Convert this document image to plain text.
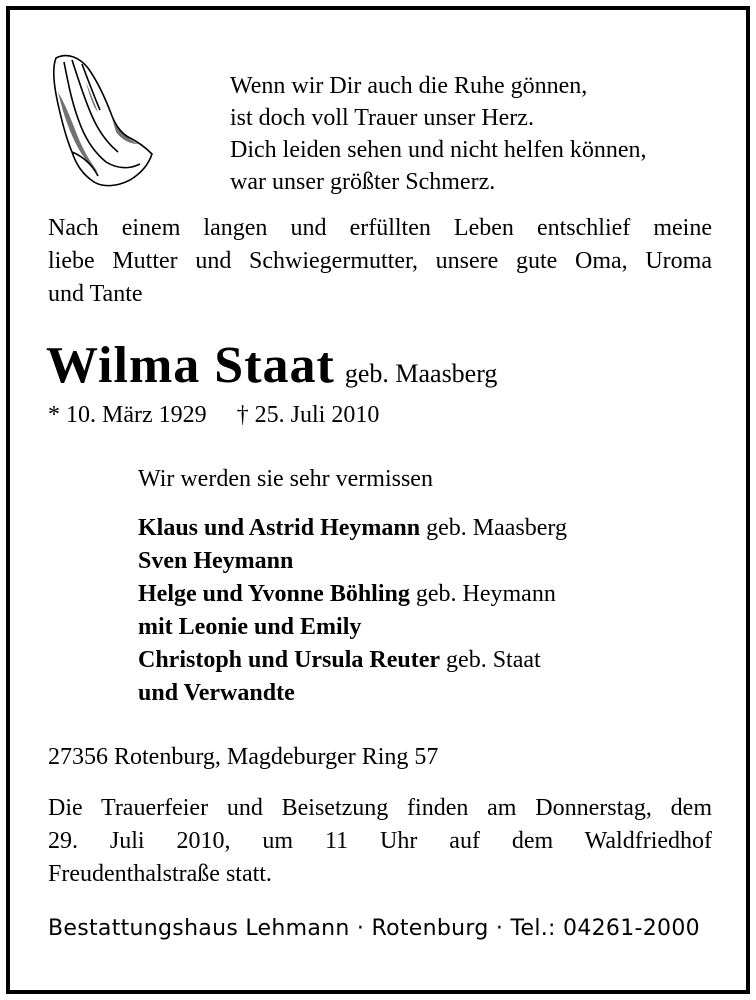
Wenn wir Dir auch die Ruhe gönnen,
ist doch voll Trauer unser Herz.
Dich leiden sehen und nicht helfen können,
war unser größter Schmerz.
Nach einem langen und erfüllten Leben entschlief meine
liebe Mutter und Schwiegermutter, unsere gute Oma, Uroma
und Tante
Wilma Staat geb. Maasberg
* 10. März 1929 † 25. Juli 2010
Wir werden sie sehr vermissen
Klaus und Astrid Heymann geb. Maasberg
Sven Heymann
Helge und Yvonne Böhling geb. Heymann
mit Leonie und Emily
Christoph und Ursula Reuter geb. Staat
und Verwandte
27356 Rotenburg, Magdeburger Ring 57
Die Trauerfeier und Beisetzung finden am Donnerstag, dem
29. Juli 2010, um 11 Uhr auf dem Waldfriedhof
Freudenthalstraße statt.
Bestattungshaus Lehmann · Rotenburg · Tel.: 04261-2000
